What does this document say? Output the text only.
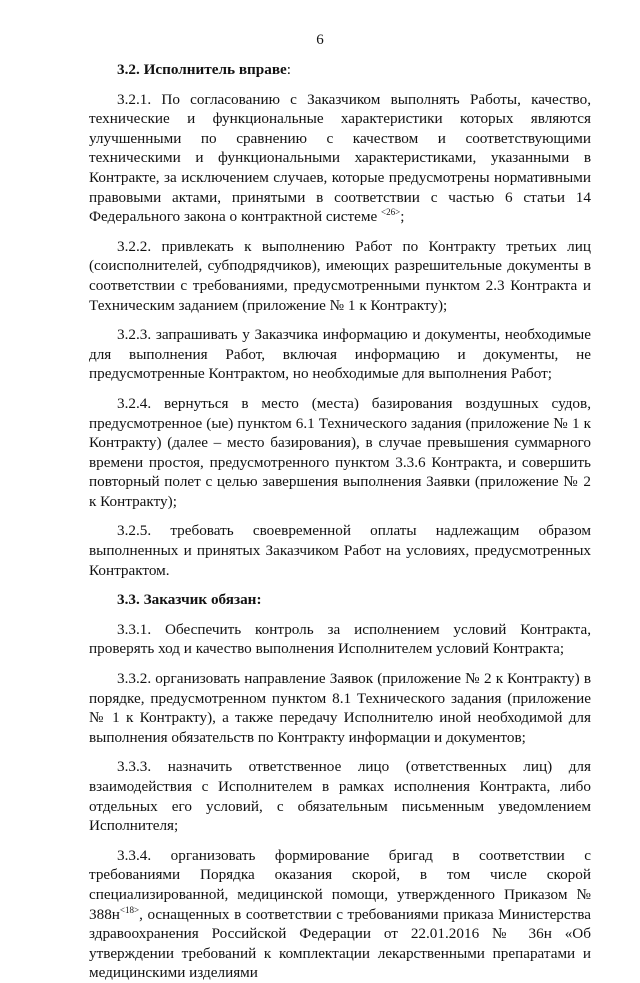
6

3.2. Исполнитель вправе:

3.2.1. По согласованию с Заказчиком выполнять Работы, качество, технические и функциональные характеристики которых являются улучшенными по сравнению с качеством и соответствующими техническими и функциональными характеристиками, указанными в Контракте, за исключением случаев, которые предусмотрены нормативными правовыми актами, принятыми в соответствии с частью 6 статьи 14 Федерального закона о контрактной системе $^{<26>}$;

3.2.2. привлекать к выполнению Работ по Контракту третьих лиц (соисполнителей, субподрядчиков), имеющих разрешительные документы в соответствии с требованиями, предусмотренными пунктом 2.3 Контракта и Техническим заданием (приложение № 1 к Контракту);

3.2.3. запрашивать у Заказчика информацию и документы, необходимые для выполнения Работ, включая информацию и документы, не предусмотренные Контрактом, но необходимые для выполнения Работ;

3.2.4. вернуться в место (места) базирования воздушных судов, предусмотренное (ые) пунктом 6.1 Технического задания (приложение № 1 к Контракту) (далее – место базирования), в случае превышения суммарного времени простоя, предусмотренного пунктом 3.3.6 Контракта, и совершить повторный полет с целью завершения выполнения Заявки (приложение № 2 к Контракту);

3.2.5. требовать своевременной оплаты надлежащим образом выполненных и принятых Заказчиком Работ на условиях, предусмотренных Контрактом.

3.3. Заказчик обязан:

3.3.1. Обеспечить контроль за исполнением условий Контракта, проверять ход и качество выполнения Исполнителем условий Контракта;

3.3.2. организовать направление Заявок (приложение № 2 к Контракту) в порядке, предусмотренном пунктом 8.1 Технического задания (приложение № 1 к Контракту), а также передачу Исполнителю иной необходимой для выполнения обязательств по Контракту информации и документов;

3.3.3. назначить ответственное лицо (ответственных лиц) для взаимодействия с Исполнителем в рамках исполнения Контракта, либо отдельных его условий, с обязательным письменным уведомлением Исполнителя;

3.3.4. организовать формирование бригад в соответствии с требованиями Порядка оказания скорой, в том числе скорой специализированной, медицинской помощи, утвержденного Приказом № $388н^{<18>}$, оснащенных в соответствии с требованиями приказа Министерства здравоохранения Российской Федерации от 22.01.2016 № 36н «Об утверждении требований к комплектации лекарственными препаратами и медицинскими изделиями
